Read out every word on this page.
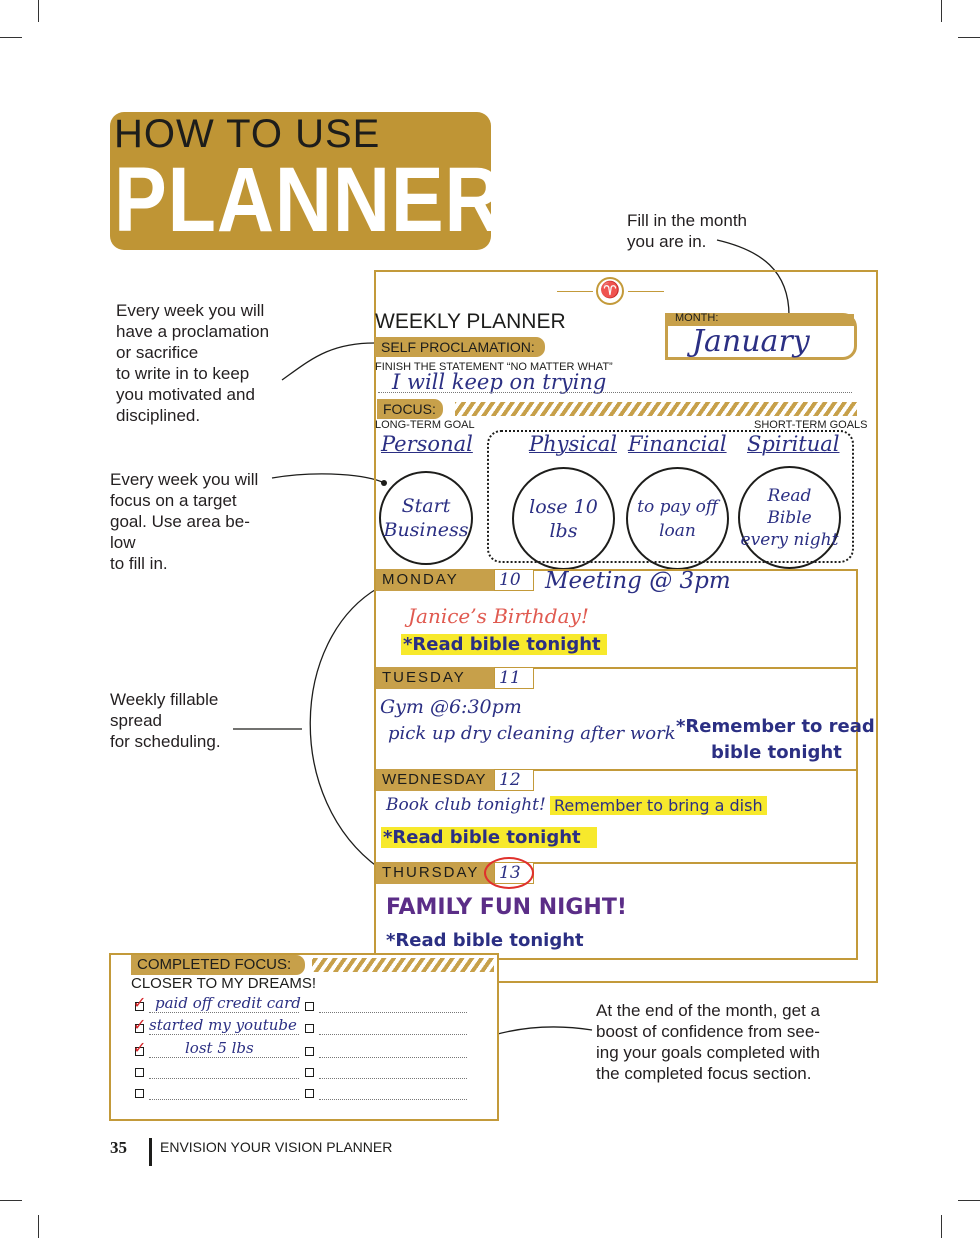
HOW TO USE
PLANNER	Fill in the month
you are in.
Every week you will
have a proclamation
or sacrifice
to write in to keep
you motivated and
disciplined.
Every week you will
focus on a target
goal. Use area be-
low
to fill in.
Weekly fillable
spread
for scheduling.
At the end of the month, get a
boost of confidence from see-
ing your goals completed with
the completed focus section.
♈
WEEKLY PLANNER	MONTH:
January
SELF PROCLAMATION:
FINISH THE STATEMENT “NO MATTER WHAT”
I will keep on trying
FOCUS:
LONG-TERM GOAL	SHORT-TERM GOALS
Personal
Start
Business
Physical Financial Spiritual
lose 10
lbs
to pay off
loan
Read
Bible
every night
MONDAY	10	Meeting @ 3pm
Janice’s Birthday!
*Read bible tonight
TUESDAY	11
Gym @6:30pm
pick up dry cleaning after work *Remember to read
bible tonight
WEDNESDAY 12
Book club tonight! Remember to bring a dish
*Read bible tonight
THURSDAY	13
FAMILY FUN NIGHT!
*Read bible tonight
COMPLETED FOCUS:
CLOSER TO MY DREAMS!
✓ paid off credit card
✓ started my youtube
✓	lost 5 lbs
35 ENVISION YOUR VISION PLANNER
